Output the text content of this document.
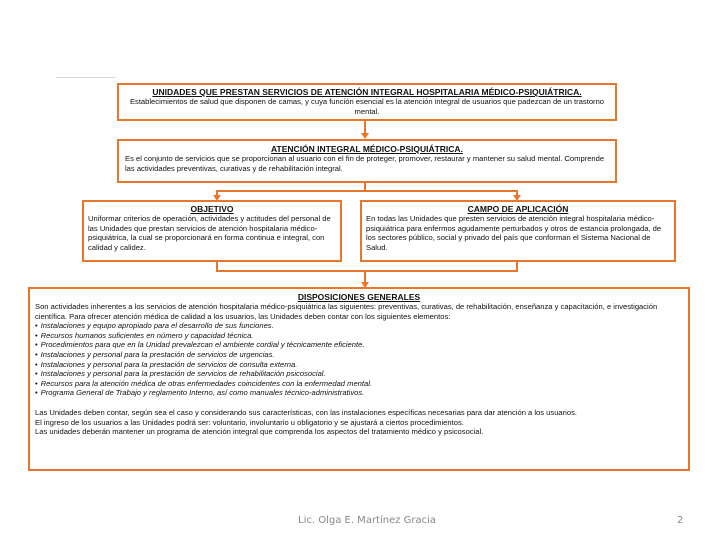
UNIDADES QUE PRESTAN SERVICIOS DE ATENCIÓN INTEGRAL HOSPITALARIA MÉDICO-PSIQUIÁTRICA.
Establecimientos de salud que disponen de camas, y cuya función esencial es la atención integral de usuarios que padezcan de un trastorno mental.
ATENCIÓN INTEGRAL MÉDICO-PSIQUIÁTRICA.
Es el conjunto de servicios que se proporcionan al usuario con el fin de proteger, promover, restaurar y mantener su salud mental. Comprende las actividades preventivas, curativas y de rehabilitación integral.
OBJETIVO
Uniformar criterios de operación, actividades y actitudes del personal de las Unidades que prestan servicios de atención hospitalaria médico-psiquiátrica, la cual se proporcionará en forma continua e integral, con calidad y calidez.
CAMPO DE APLICACIÓN
En todas las Unidades que presten servicios de atención integral hospitalaria médico-psiquiátrica para enfermos agudamente perturbados y otros de estancia prolongada, de los sectores público, social y privado del país que conforman el Sistema Nacional de Salud.
DISPOSICIONES GENERALES
Son actividades inherentes a los servicios de atención hospitalaria médico-psiquiátrica las siguientes: preventivas, curativas, de rehabilitación, enseñanza y capacitación, e investigación científica. Para ofrecer atención médica de calidad a los usuarios, las Unidades deben contar con los siguientes elementos:
• Instalaciones y equipo apropiado para el desarrollo de sus funciones.
• Recursos humanos suficientes en número y capacidad técnica.
• Procedimientos para que en la Unidad prevalezcan el ambiente cordial y técnicamente eficiente.
• Instalaciones y personal para la prestación de servicios de urgencias.
• Instalaciones y personal para la prestación de servicios de consulta externa.
• Instalaciones y personal para la prestación de servicios de rehabilitación psicosocial.
• Recursos para la atención médica de otras enfermedades coincidentes con la enfermedad mental.
• Programa General de Trabajo y reglamento Interno, así como manuales técnico-administrativos.
Las Unidades deben contar, según sea el caso y considerando sus características, con las instalaciones específicas necesarias para dar atención a los usuarios.
El ingreso de los usuarios a las Unidades podrá ser: voluntario, involuntario u obligatorio y se ajustará a ciertos procedimientos.
Las unidades deberán mantener un programa de atención integral que comprenda los aspectos del tratamiento médico y psicosocial.
Lic. Olga E. Martínez Gracia	2
